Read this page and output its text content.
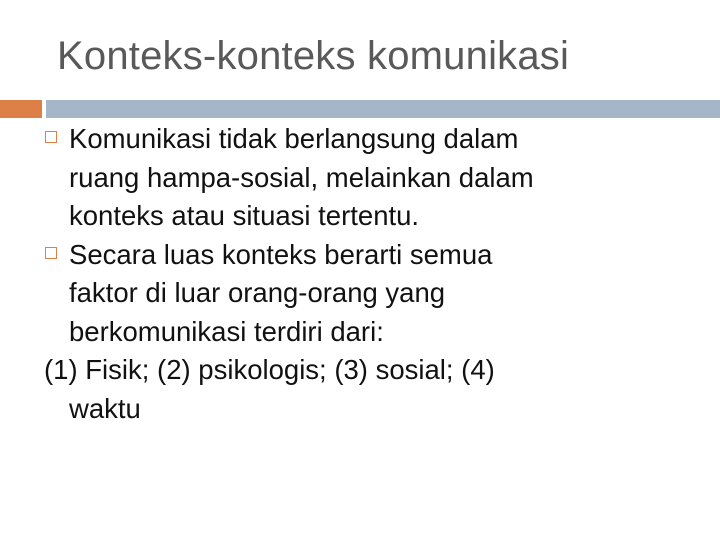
Konteks-konteks komunikasi
Komunikasi tidak berlangsung dalam
ruang hampa-sosial, melainkan dalam
konteks atau situasi tertentu.
Secara luas konteks berarti semua
faktor di luar orang-orang yang
berkomunikasi terdiri dari:
(1) Fisik; (2) psikologis; (3) sosial; (4)
waktu
